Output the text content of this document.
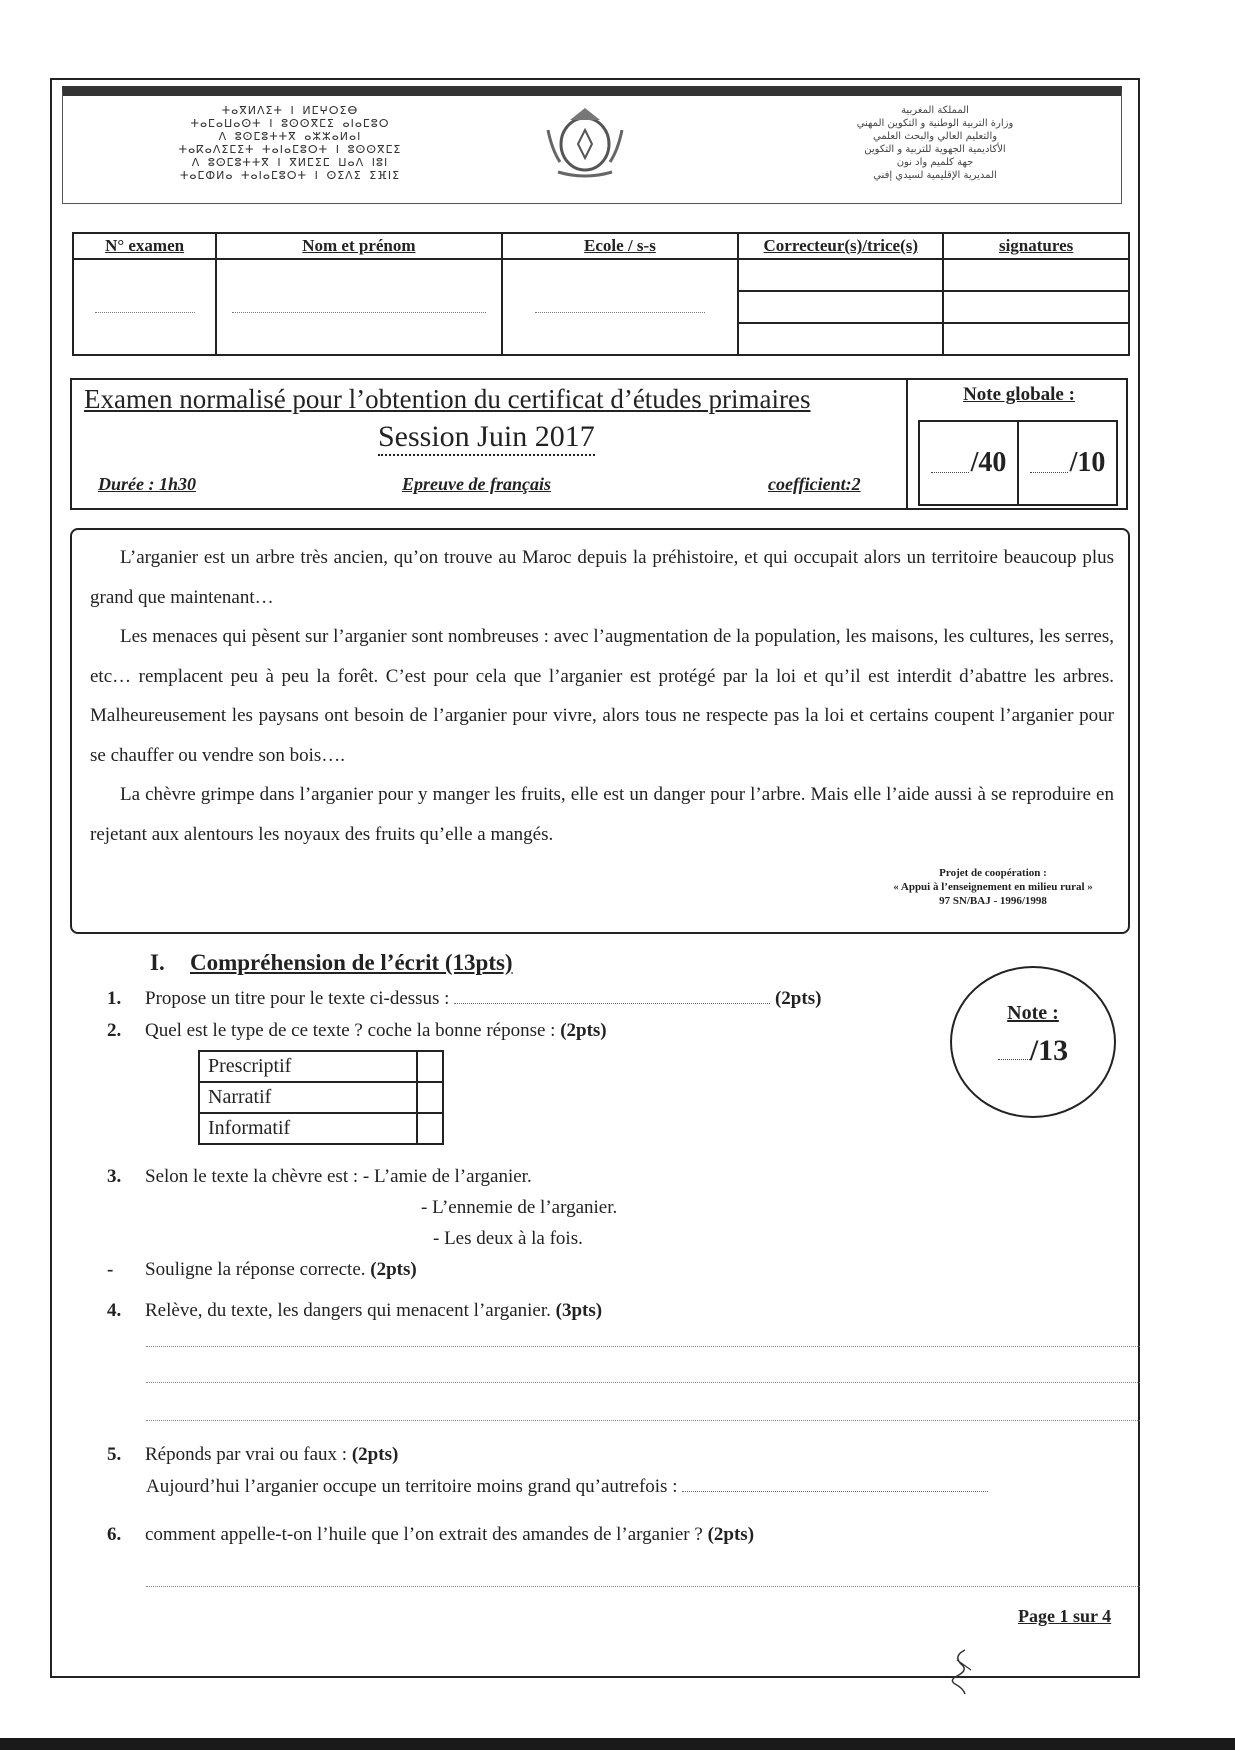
ⵜⴰⴳⵍⴷⵉⵜ ⵏ ⵍⵎⵖⵔⵉⴱ
ⵜⴰⵎⴰⵡⴰⵙⵜ ⵏ ⵓⵙⵙⴳⵎⵉ ⴰⵏⴰⵎⵓⵔ
ⴷ ⵓⵙⵎⵓⵜⵜⴳ ⴰⵣⵣⴰⵍⴰⵏ
ⵜⴰⴽⴰⴷⵉⵎⵉⵜ ⵜⴰⵏⴰⵎⵓⵔⵜ ⵏ ⵓⵙⵙⴳⵎⵉ
ⴷ ⵓⵙⵎⵓⵜⵜⴳ ⵏ ⴳⵍⵎⵉⵎ ⵡⴰⴷ ⵏⵓⵏ
ⵜⴰⵎⵀⵍⴰ ⵜⴰⵏⴰⵎⵓⵔⵜ ⵏ ⵙⵉⴷⵉ ⵉⴼⵏⵉ
المملكة المغربية
وزارة التربية الوطنية و التكوين المهني
والتعليم العالي والبحث العلمي
الأكاديمية الجهوية للتربية و التكوين
جهة كلميم واد نون
المديرية الإقليمية لسيدي إفني
N° examen	Nom et prénom	Ecole / s-s	Correcteur(s)/trice(s)	signatures

Examen normalisé pour l’obtention du certificat d’études primaires
Session Juin 2017
Durée : 1h30	Epreuve de français	coefficient:2
Note globale :
/40 /10

L’arganier est un arbre très ancien, qu’on trouve au Maroc depuis la préhistoire, et qui occupait alors un territoire beaucoup plus grand que maintenant…

Les menaces qui pèsent sur l’arganier sont nombreuses : avec l’augmentation de la population, les maisons, les cultures, les serres, etc… remplacent peu à peu la forêt. C’est pour cela que l’arganier est protégé par la loi et qu’il est interdit d’abattre les arbres. Malheureusement les paysans ont besoin de l’arganier pour vivre, alors tous ne respecte pas la loi et certains coupent l’arganier pour se chauffer ou vendre son bois….

La chèvre grimpe dans l’arganier pour y manger les fruits, elle est un danger pour l’arbre. Mais elle l’aide aussi à se reproduire en rejetant aux alentours les noyaux des fruits qu’elle a mangés.

Projet de coopération :
« Appui à l’enseignement en milieu rural »
97 SN/BAJ - 1996/1998
I. Compréhension de l’écrit (13pts)
Note :
/13
1. Propose un titre pour le texte ci-dessus :	(2pts)
2. Quel est le type de ce texte ? coche la bonne réponse : (2pts)
Prescriptif	
Narratif	
Informatif	
3. Selon le texte la chèvre est : - L’amie de l’arganier.
- L’ennemie de l’arganier.
- Les deux à la fois.
- Souligne la réponse correcte. (2pts)
4. Relève, du texte, les dangers qui menacent l’arganier. (3pts)
5. Réponds par vrai ou faux : (2pts)
Aujourd’hui l’arganier occupe un territoire moins grand qu’autrefois :
6. comment appelle-t-on l’huile que l’on extrait des amandes de l’arganier ? (2pts)
Page 1 sur 4
